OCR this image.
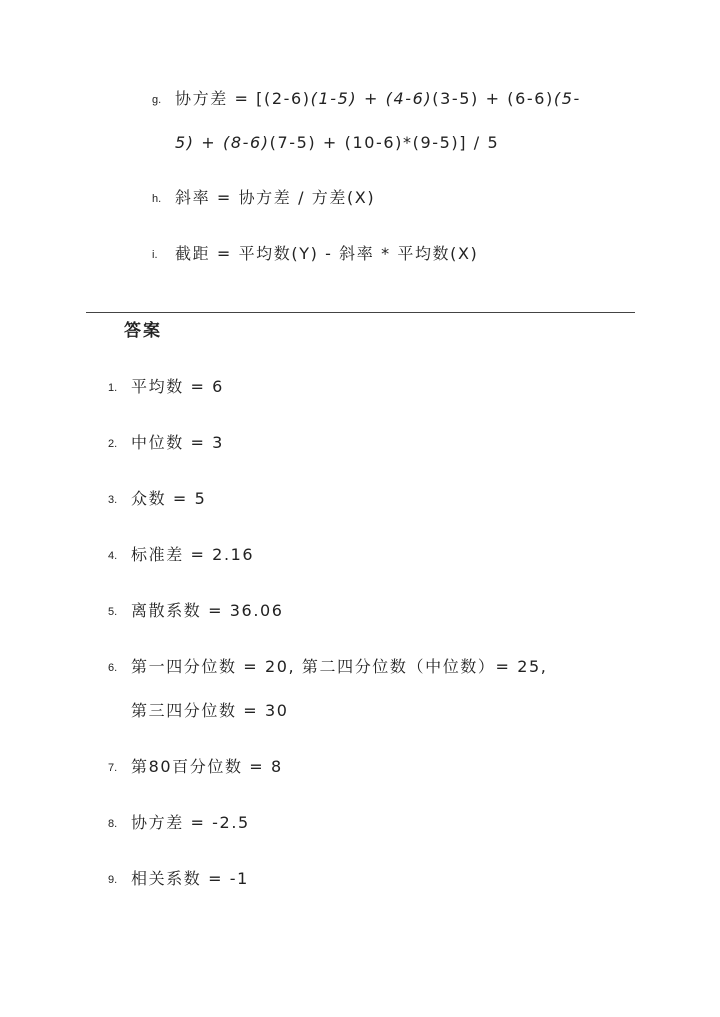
g. 协方差 = [(2-6)(1-5) + (4-6)(3-5) + (6-6)(5-
5) + (8-6)(7-5) + (10-6)*(9-5)] / 5
h. 斜率 = 协方差 / 方差(X)
i. 截距 = 平均数(Y) - 斜率 * 平均数(X)
答案
1. 平均数 = 6
2. 中位数 = 3
3. 众数 = 5
4. 标准差 = 2.16
5. 离散系数 = 36.06
6. 第一四分位数 = 20, 第二四分位数（中位数）= 25,
第三四分位数 = 30
7. 第80百分位数 = 8
8. 协方差 = -2.5
9. 相关系数 = -1
